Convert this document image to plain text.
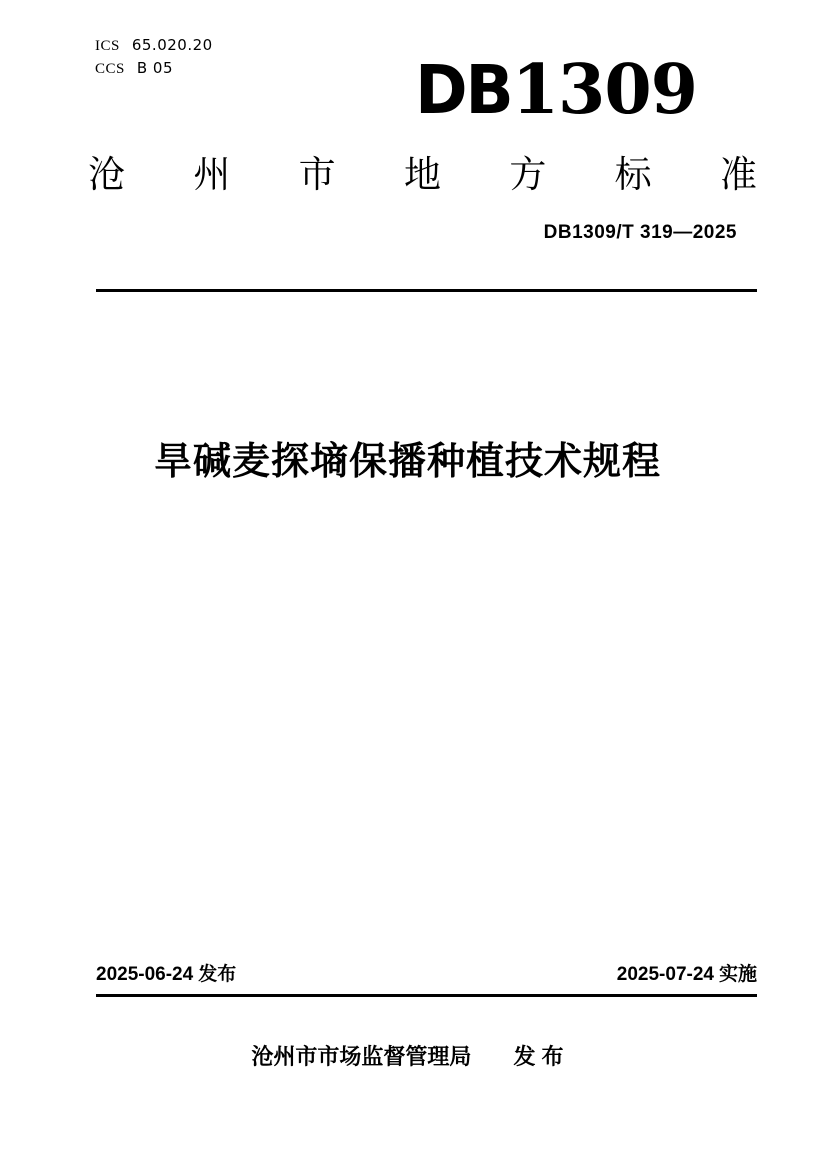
ICS 65.020.20
CCS B 05	DB1309
沧 州 市 地 方 标 准
DB1309/T 319—2025
旱碱麦探墒保播种植技术规程
2025-06-24 发布	2025-07-24 实施
沧州市市场监督管理局 发 布
